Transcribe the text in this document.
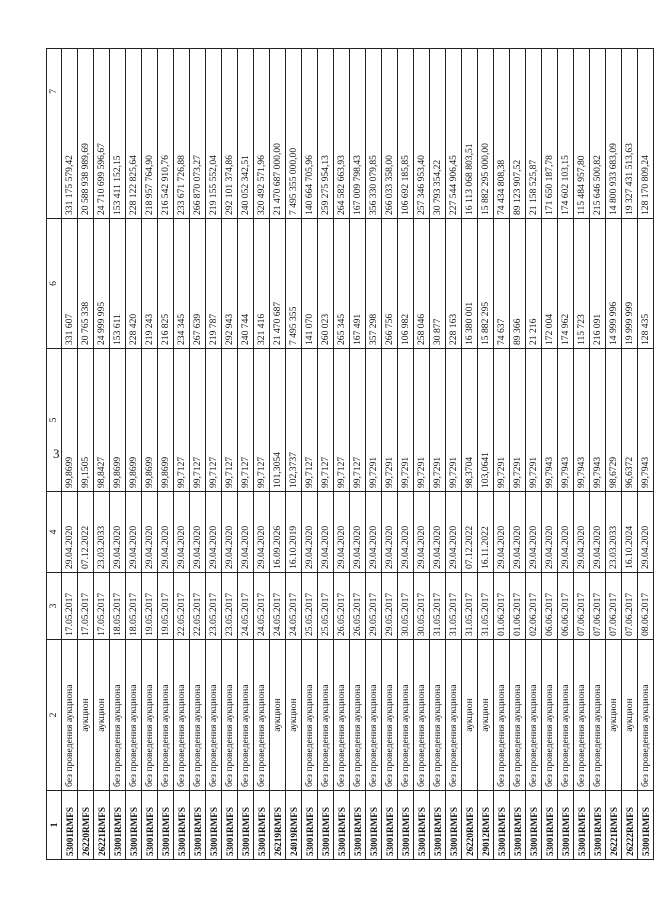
3
1	2	3	4	5	6	7
53001RMFS	без проведения аукциона	17.05.2017	29.04.2020	99,8699	331 607	331 175 579,42
26220RMFS	аукцион	17.05.2017	07.12.2022	99,1505	20 765 338	20 588 938 989,69
26221RMFS	аукцион	17.05.2017	23.03.2033	98,8427	24 999 995	24 710 699 596,67
53001RMFS	без проведения аукциона	18.05.2017	29.04.2020	99,8699	153 611	153 411 152,15
53001RMFS	без проведения аукциона	18.05.2017	29.04.2020	99,8699	228 420	228 122 825,64
53001RMFS	без проведения аукциона	19.05.2017	29.04.2020	99,8699	219 243	218 957 764,90
53001RMFS	без проведения аукциона	19.05.2017	29.04.2020	99,8699	216 825	216 542 910,76
53001RMFS	без проведения аукциона	22.05.2017	29.04.2020	99,7127	234 345	233 671 726,88
53001RMFS	без проведения аукциона	22.05.2017	29.04.2020	99,7127	267 639	266 870 073,27
53001RMFS	без проведения аукциона	23.05.2017	29.04.2020	99,7127	219 787	219 155 552,04
53001RMFS	без проведения аукциона	23.05.2017	29.04.2020	99,7127	292 943	292 101 374,86
53001RMFS	без проведения аукциона	24.05.2017	29.04.2020	99,7127	240 744	240 052 342,51
53001RMFS	без проведения аукциона	24.05.2017	29.04.2020	99,7127	321 416	320 492 571,96
26219RMFS	аукцион	24.05.2017	16.09.2026	101,3054	21 470 687	21 470 687 000,00
24019RMFS	аукцион	24.05.2017	16.10.2019	102,3737	7 495 355	7 495 355 000,00
53001RMFS	без проведения аукциона	25.05.2017	29.04.2020	99,7127	141 070	140 664 705,96
53001RMFS	без проведения аукциона	25.05.2017	29.04.2020	99,7127	260 023	259 275 954,13
53001RMFS	без проведения аукциона	26.05.2017	29.04.2020	99,7127	265 345	264 582 663,93
53001RMFS	без проведения аукциона	26.05.2017	29.04.2020	99,7127	167 491	167 009 798,43
53001RMFS	без проведения аукциона	29.05.2017	29.04.2020	99,7291	357 298	356 330 079,85
53001RMFS	без проведения аукциона	29.05.2017	29.04.2020	99,7291	266 756	266 033 358,00
53001RMFS	без проведения аукциона	30.05.2017	29.04.2020	99,7291	106 982	106 692 185,85
53001RMFS	без проведения аукциона	30.05.2017	29.04.2020	99,7291	258 046	257 346 953,40
53001RMFS	без проведения аукциона	31.05.2017	29.04.2020	99,7291	30 877	30 793 354,22
53001RMFS	без проведения аукциона	31.05.2017	29.04.2020	99,7291	228 163	227 544 906,45
26220RMFS	аукцион	31.05.2017	07.12.2022	98,3704	16 380 001	16 113 068 803,51
29012RMFS	аукцион	31.05.2017	16.11.2022	103,0641	15 882 295	15 882 295 000,00
53001RMFS	без проведения аукциона	01.06.2017	29.04.2020	99,7291	74 637	74 434 808,38
53001RMFS	без проведения аукциона	01.06.2017	29.04.2020	99,7291	89 366	89 123 907,52
53001RMFS	без проведения аукциона	02.06.2017	29.04.2020	99,7291	21 216	21 158 525,87
53001RMFS	без проведения аукциона	06.06.2017	29.04.2020	99,7943	172 004	171 650 187,78
53001RMFS	без проведения аукциона	06.06.2017	29.04.2020	99,7943	174 962	174 602 103,15
53001RMFS	без проведения аукциона	07.06.2017	29.04.2020	99,7943	115 723	115 484 957,80
53001RMFS	без проведения аукциона	07.06.2017	29.04.2020	99,7943	216 091	215 646 500,82
26221RMFS	аукцион	07.06.2017	23.03.2033	98,6729	14 999 996	14 800 933 683,09
26222RMFS	аукцион	07.06.2017	16.10.2024	96,6372	19 999 999	19 327 431 513,63
53001RMFS	без проведения аукциона	08.06.2017	29.04.2020	99,7943	128 435	128 170 809,24
